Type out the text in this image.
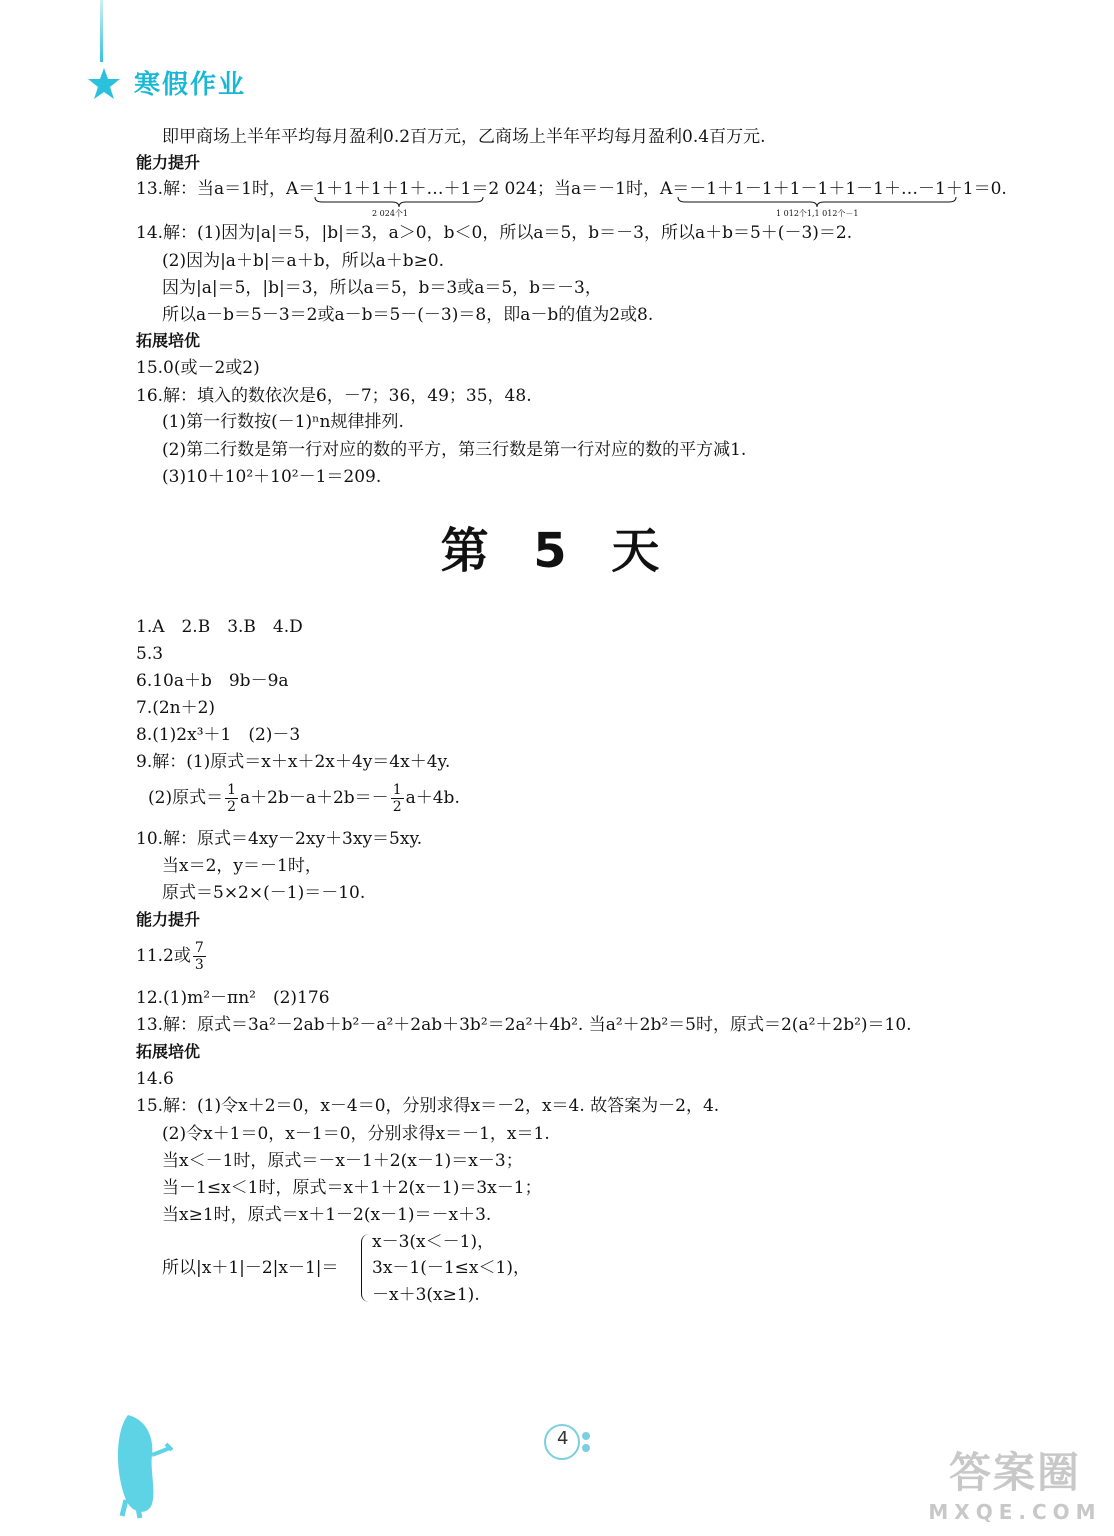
寒假作业
即甲商场上半年平均每月盈利0.2百万元，乙商场上半年平均每月盈利0.4百万元.
能力提升
13.解：当a＝1时，A＝1＋1＋1＋1＋…＋1＝2 024；当a＝－1时，A＝－1＋1－1＋1－1＋1－1＋…－1＋1＝0.
2 024个1	1 012个1,1 012个－1
14.解：(1)因为|a|＝5，|b|＝3，a＞0，b＜0，所以a＝5，b＝－3，所以a＋b＝5＋(－3)＝2.
(2)因为|a＋b|＝a＋b，所以a＋b≥0.
因为|a|＝5，|b|＝3，所以a＝5，b＝3或a＝5，b＝－3，
所以a－b＝5－3＝2或a－b＝5－(－3)＝8，即a－b的值为2或8.
拓展培优
15.0(或－2或2)
16.解：填入的数依次是6，－7；36，49；35，48.
(1)第一行数按(－1)ⁿn规律排列.
(2)第二行数是第一行对应的数的平方，第三行数是第一行对应的数的平方减1.
(3)10＋10²＋10²－1＝209.
第 5 天
1.A　2.B　3.B　4.D
5.3
6.10a＋b　9b－9a
7.(2n＋2)
8.(1)2x³＋1　(2)－3
9.解：(1)原式＝x＋x＋2x＋4y＝4x＋4y.
(2)原式＝ $\frac{1}{2} a+2b-a+2b=- \frac{1}{2} a+4b$.
10.解：原式＝4xy－2xy＋3xy＝5xy.
当x＝2，y＝－1时，
原式＝5×2×(－1)＝－10.
能力提升
11.2或 $\frac{7}{3}$
12.(1)m²－πn²　(2)176
13.解：原式＝3a²－2ab＋b²－a²＋2ab＋3b²＝2a²＋4b². 当a²＋2b²＝5时，原式＝2(a²＋2b²)＝10.
拓展培优
14.6
15.解：(1)令x＋2＝0，x－4＝0，分别求得x＝－2，x＝4. 故答案为－2，4.
(2)令x＋1＝0，x－1＝0，分别求得x＝－1，x＝1.
当x＜－1时，原式＝－x－1＋2(x－1)＝x－3；
当－1≤x＜1时，原式＝x＋1＋2(x－1)＝3x－1；
当x≥1时，原式＝x＋1－2(x－1)＝－x＋3.
所以|x＋1|－2|x－1|＝
x－3(x＜－1)，
3x－1(－1≤x＜1)，
－x＋3(x≥1).
4
答案圈
MXQE.COM
